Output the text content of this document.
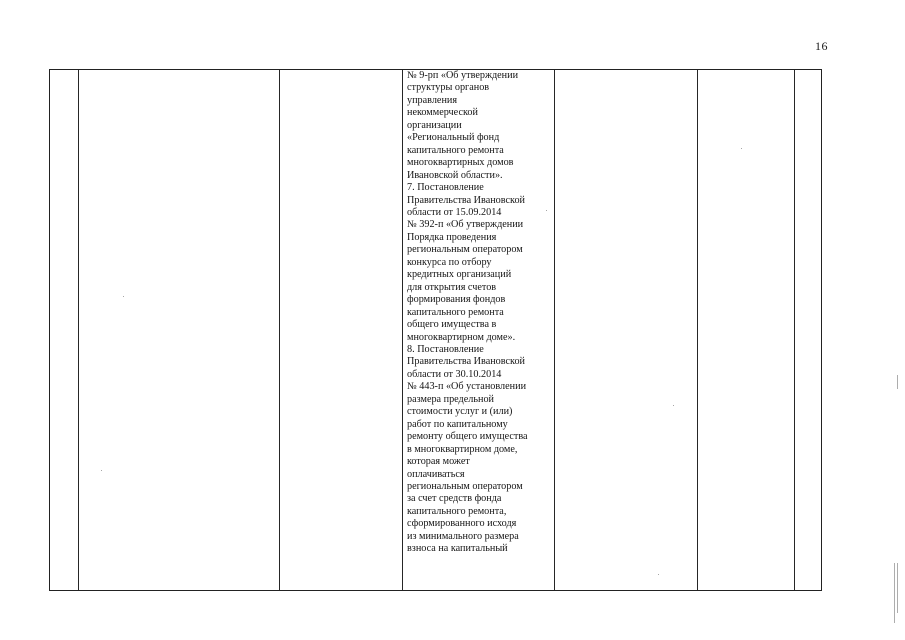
16
№ 9-рп «Об утверждении
структуры органов
управления
некоммерческой
организации
«Региональный фонд
капитального ремонта
многоквартирных домов
Ивановской области».
7. Постановление
Правительства Ивановской
области от 15.09.2014
№ 392-п «Об утверждении
Порядка проведения
региональным оператором
конкурса по отбору
кредитных организаций
для открытия счетов
формирования фондов
капитального ремонта
общего имущества в
многоквартирном доме».
8. Постановление
Правительства Ивановской
области от 30.10.2014
№ 443-п «Об установлении
размера предельной
стоимости услуг и (или)
работ по капитальному
ремонту общего имущества
в многоквартирном доме,
которая может
оплачиваться
региональным оператором
за счет средств фонда
капитального ремонта,
сформированного исходя
из минимального размера
взноса на капитальный
